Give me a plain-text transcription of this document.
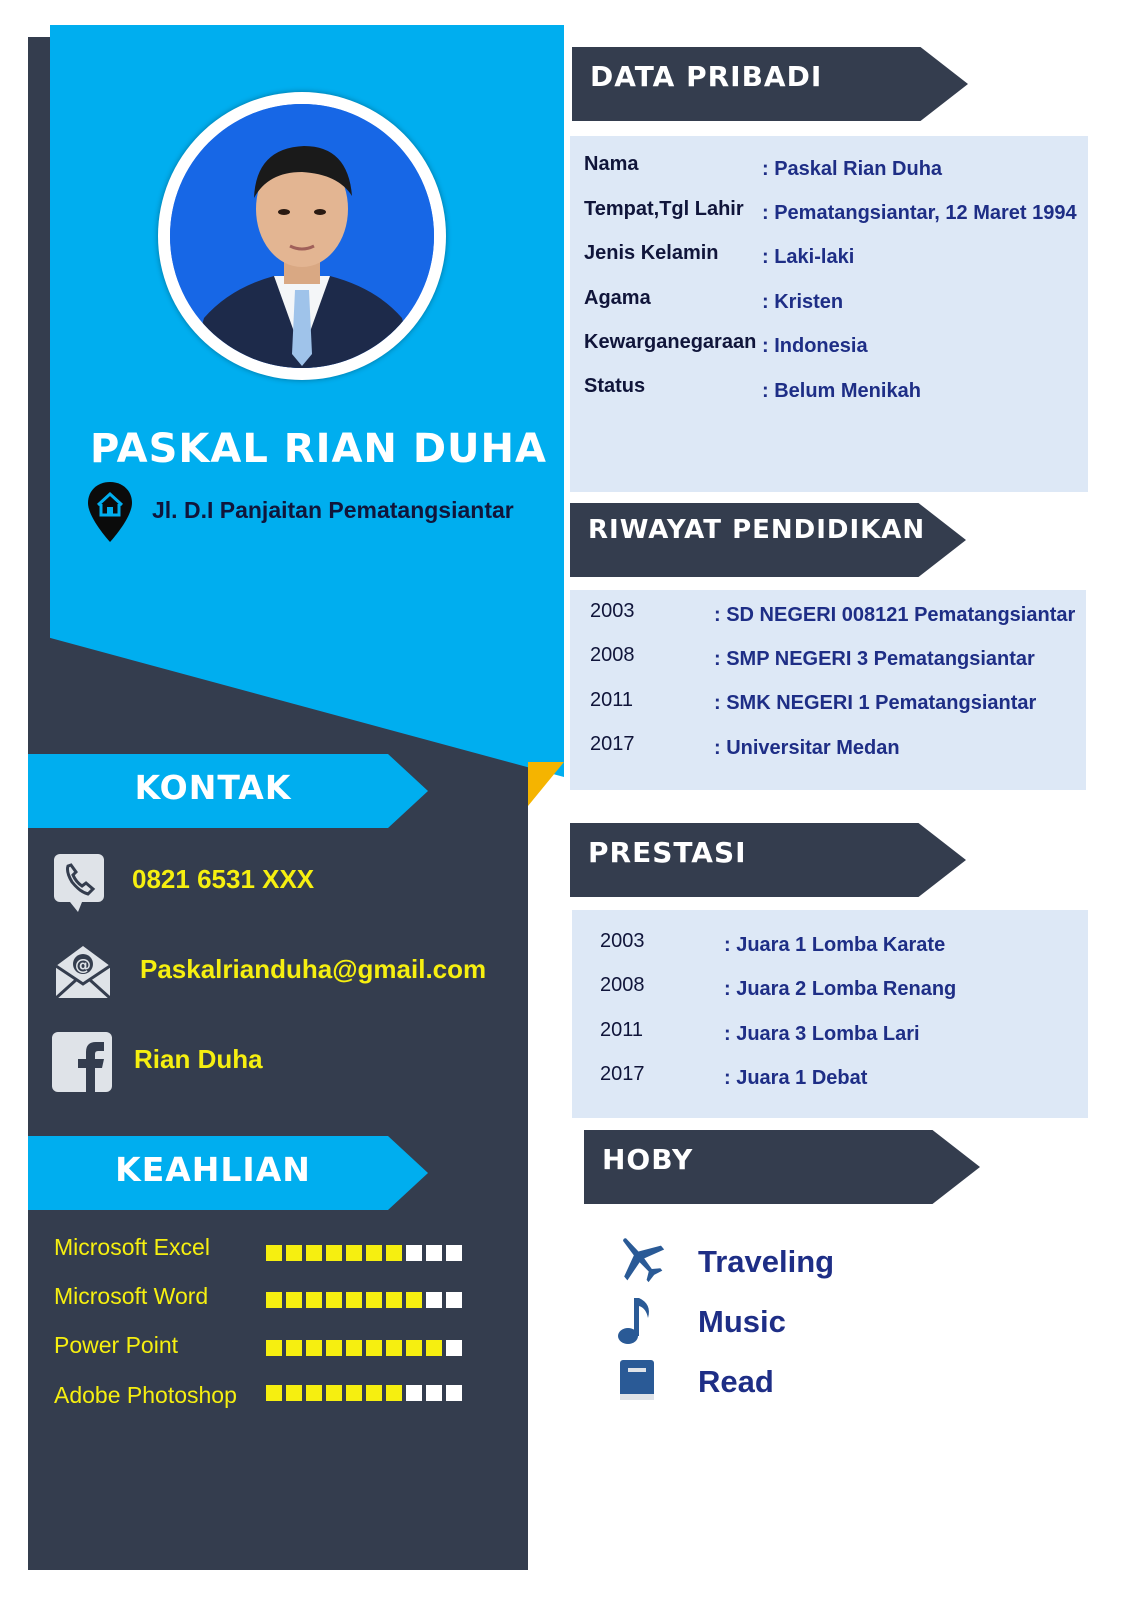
PASKAL RIAN DUHA
Jl. D.I Panjaitan Pematangsiantar
KONTAK
0821 6531 XXX
@ Paskalrianduha@gmail.com
Rian Duha
KEAHLIAN
Microsoft Excel
Microsoft Word
Power Point
Adobe Photoshop
DATA PRIBADI
Nama	: Paskal Rian Duha
Tempat,Tgl Lahir : Pematangsiantar, 12 Maret 1994
Jenis Kelamin : Laki-laki
Agama	: Kristen
Kewarganegaraan : Indonesia
Status	: Belum Menikah
RIWAYAT PENDIDIKAN
2003	: SD NEGERI 008121 Pematangsiantar
2008	: SMP NEGERI 3 Pematangsiantar
2011	: SMK NEGERI 1 Pematangsiantar
2017	: Universitar Medan
PRESTASI
2003	: Juara 1 Lomba Karate
2008	: Juara 2 Lomba Renang
2011	: Juara 3 Lomba Lari
2017	: Juara 1 Debat
HOBY
Traveling
Music
Read
